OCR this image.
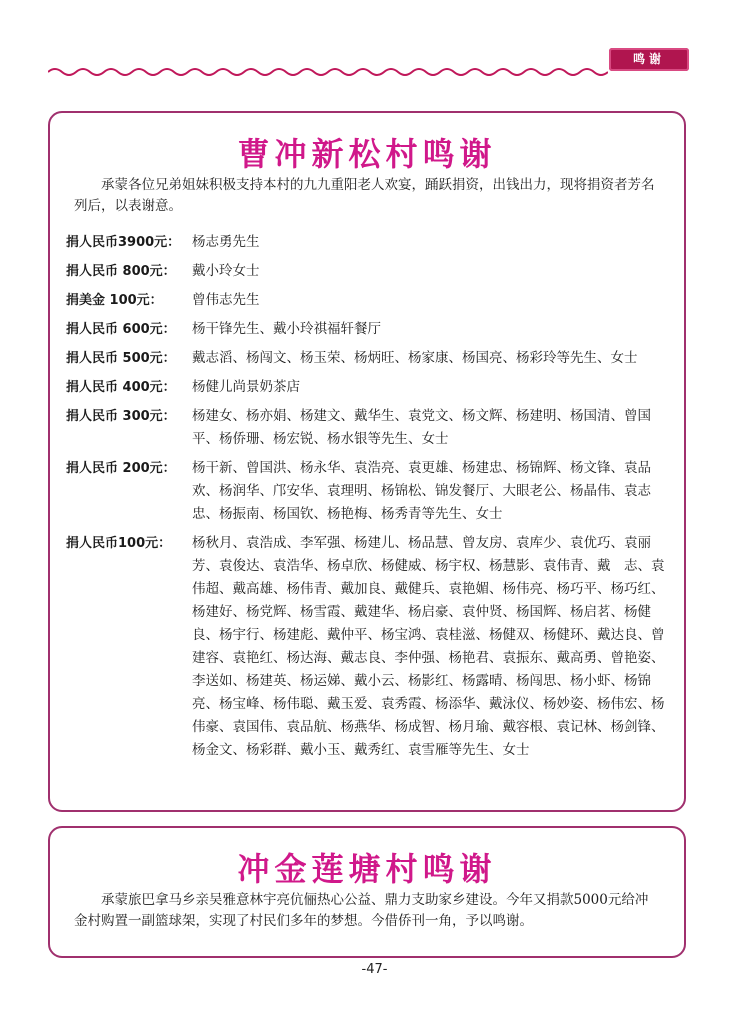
鸣谢
曹冲新松村鸣谢

承蒙各位兄弟姐妹积极支持本村的九九重阳老人欢宴，踊跃捐资，出钱出力，现将捐资者芳名列后，以表谢意。

捐人民币3900元： 杨志勇先生
捐人民币 800元：	戴小玲女士
捐美金 100元：	曾伟志先生
捐人民币 600元：	杨干锋先生、戴小玲祺福轩餐厅
捐人民币 500元：	戴志滔、杨闯文、杨玉荣、杨炳旺、杨家康、杨国亮、杨彩玲等先生、女士
捐人民币 400元：	杨健儿尚景奶茶店
捐人民币 300元：	杨建女、杨亦娟、杨建文、戴华生、袁党文、杨文辉、杨建明、杨国清、曾国平、杨侨珊、杨宏锐、杨水银等先生、女士
捐人民币 200元：	杨干新、曾国洪、杨永华、袁浩亮、袁更雄、杨建忠、杨锦辉、杨文锋、袁品欢、杨润华、邝安华、袁理明、杨锦松、锦发餐厅、大眼老公、杨晶伟、袁志忠、杨振南、杨国钦、杨艳梅、杨秀青等先生、女士
捐人民币100元：	杨秋月、袁浩成、李军强、杨建儿、杨品慧、曾友房、袁库少、袁优巧、袁丽芳、袁俊达、袁浩华、杨卓欣、杨健威、杨宇权、杨慧影、袁伟青、戴　志、袁伟超、戴高雄、杨伟青、戴加良、戴健兵、袁艳媚、杨伟亮、杨巧平、杨巧红、杨建好、杨党辉、杨雪霞、戴建华、杨启豪、袁仲贤、杨国辉、杨启茗、杨健良、杨宇行、杨建彪、戴仲平、杨宝鸿、袁桂滋、杨健双、杨健环、戴达良、曾建容、袁艳红、杨达海、戴志良、李仲强、杨艳君、袁振东、戴高勇、曾艳姿、李送如、杨建英、杨运娣、戴小云、杨影红、杨露晴、杨闯思、杨小虾、杨锦亮、杨宝峰、杨伟聪、戴玉爱、袁秀霞、杨添华、戴泳仪、杨妙姿、杨伟宏、杨伟豪、袁国伟、袁品航、杨燕华、杨成智、杨月瑜、戴容根、袁记林、杨剑锋、杨金文、杨彩群、戴小玉、戴秀红、袁雪雁等先生、女士
冲金莲塘村鸣谢

承蒙旅巴拿马乡亲吴雅意林宇亮伉俪热心公益、鼎力支助家乡建设。今年又捐款5000元给冲金村购置一副篮球架，实现了村民们多年的梦想。今借侨刊一角，予以鸣谢。

-47-
